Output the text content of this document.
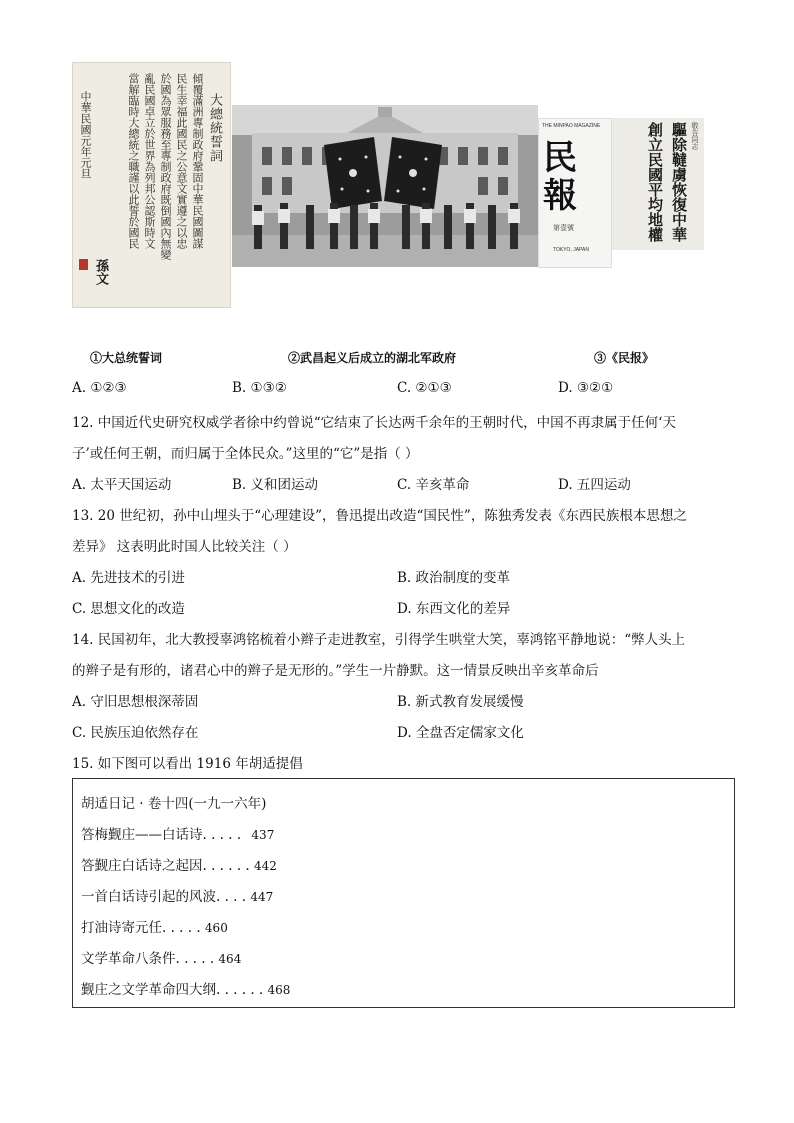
大總統誓詞
傾覆滿洲專制政府鞏固中華民國圖謀
民生幸福此國民之公意文實遵之以忠
於國為眾服務至專制政府既倒國內無變
亂民國卓立於世界為列邦公認斯時文
當解臨時大總統之職謹以此誓於國民
中華民國元年元旦
孫文
THE MINPAO MAGAZINE
民報
第壹號
TOKYO, JAPAN
敬告同志
驅除韃虜恢復中華
創立民國平均地權
①大总统誓词	②武昌起义后成立的湖北军政府	③《民报》
A. ①②③	B. ①③②	C. ②①③	D. ③②①
12. 中国近代史研究权威学者徐中约曾说“它结束了长达两千余年的王朝时代，中国不再隶属于任何‘天
子’或任何王朝，而归属于全体民众。”这里的“它”是指（ ）
A. 太平天国运动	B. 义和团运动	C. 辛亥革命	D. 五四运动
13. 20 世纪初，孙中山埋头于“心理建设”，鲁迅提出改造“国民性”，陈独秀发表《东西民族根本思想之
差异》 这表明此时国人比较关注（ ）
A. 先进技术的引进	B. 政治制度的变革
C. 思想文化的改造	D. 东西文化的差异
14. 民国初年，北大教授辜鸿铭梳着小辫子走进教室，引得学生哄堂大笑，辜鸿铭平静地说：“弊人头上
的辫子是有形的，诸君心中的辫子是无形的。”学生一片静默。这一情景反映出辛亥革命后
A. 守旧思想根深蒂固	B. 新式教育发展缓慢
C. 民族压迫依然存在	D. 全盘否定儒家文化
15. 如下图可以看出 1916 年胡适提倡
胡适日记 · 卷十四(一九一六年)
答梅觐庄——白话诗. . . . . 437
答觐庄白话诗之起因. . . . . . 442
一首白话诗引起的风波. . . . 447
打油诗寄元任. . . . . 460
文学革命八条件. . . . . 464
觐庄之文学革命四大纲. . . . . . 468
